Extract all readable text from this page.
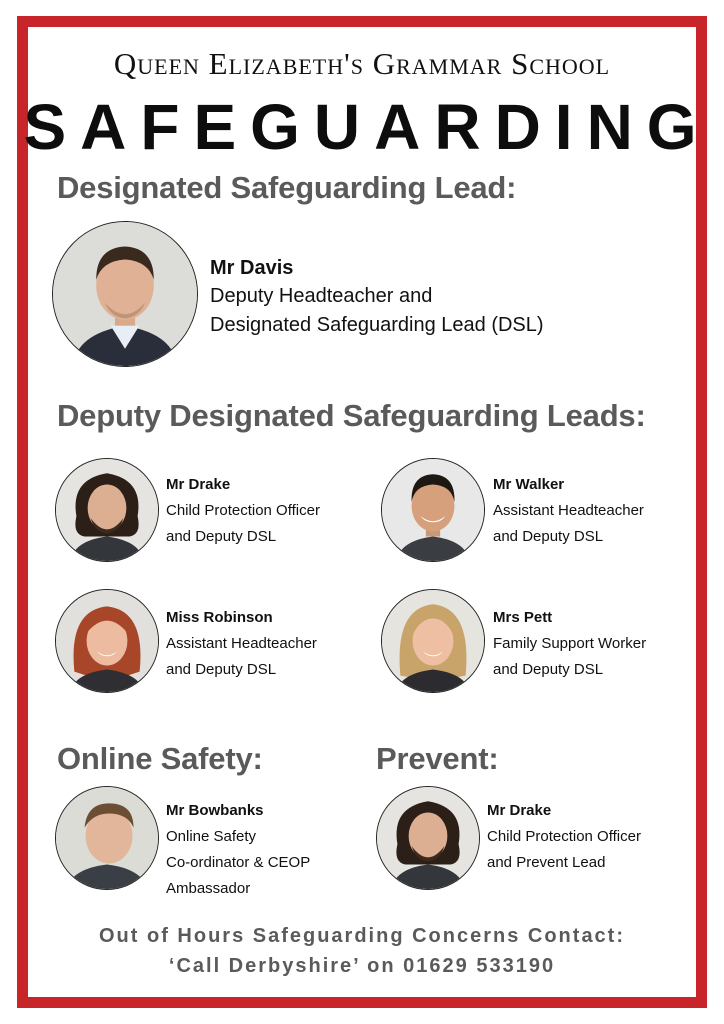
Queen Elizabeth's Grammar School
SAFEGUARDING
Designated Safeguarding Lead:
Mr Davis
Deputy Headteacher and
Designated Safeguarding Lead (DSL)
Deputy Designated Safeguarding Leads:
Mr Drake
Child Protection Officer
and Deputy DSL
Mr Walker
Assistant Headteacher
and Deputy DSL
Miss Robinson
Assistant Headteacher
and Deputy DSL
Mrs Pett
Family Support Worker
and Deputy DSL
Online Safety:
Mr Bowbanks
Online Safety
Co-ordinator & CEOP
Ambassador
Prevent:
Mr Drake
Child Protection Officer
and Prevent Lead
Out of Hours Safeguarding Concerns Contact:
‘Call Derbyshire’ on 01629 533190
